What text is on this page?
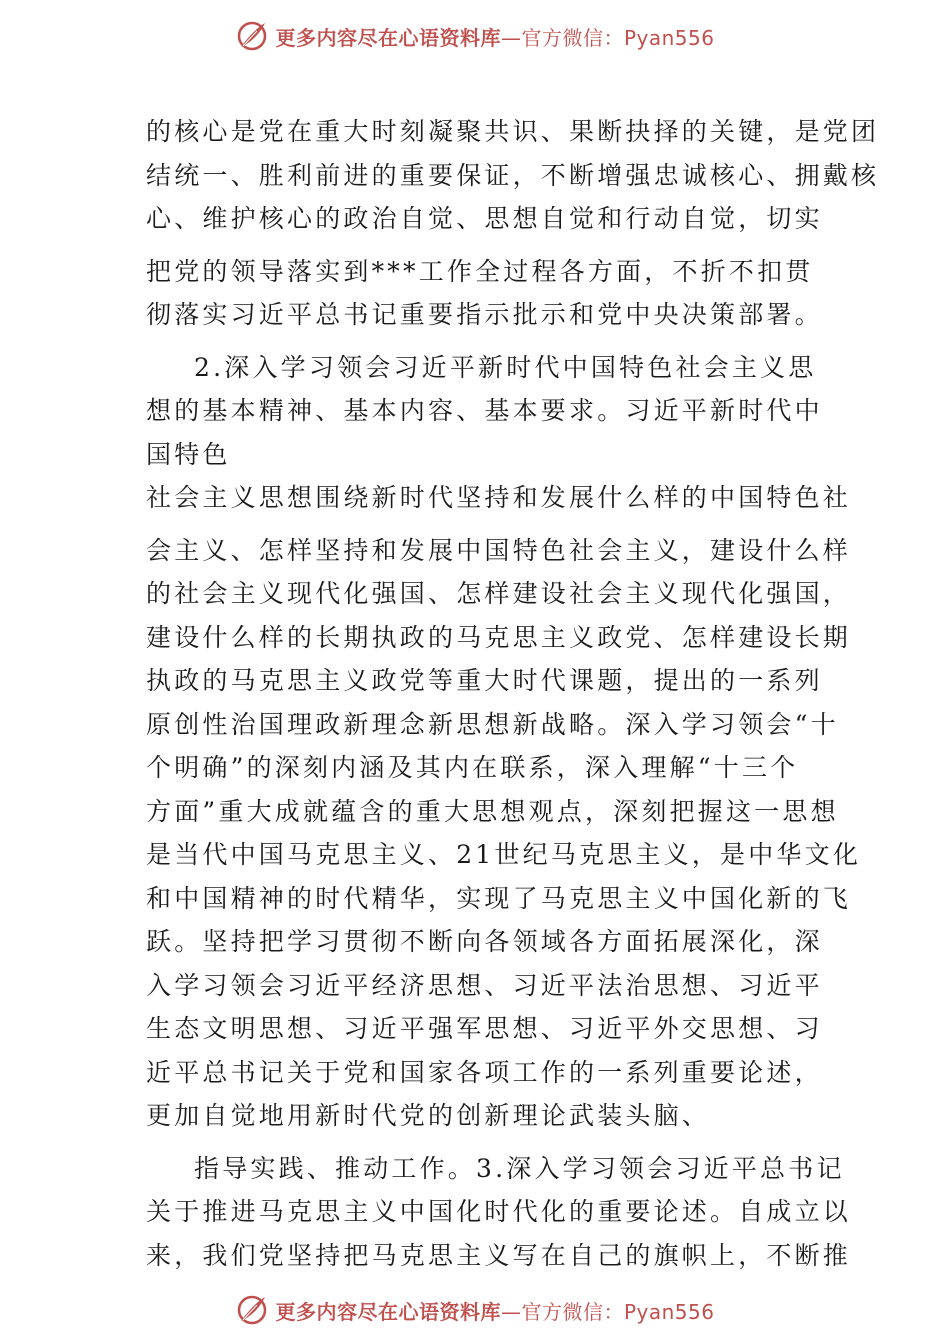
更多内容尽在心语资料库—官方微信：Pyan556

的核心是党在重大时刻凝聚共识、果断抉择的关键，是党团

结统一、胜利前进的重要保证，不断增强忠诚核心、拥戴核

心、维护核心的政治自觉、思想自觉和行动自觉，切实

把党的领导落实到***工作全过程各方面，不折不扣贯

彻落实习近平总书记重要指示批示和党中央决策部署。

2.深入学习领会习近平新时代中国特色社会主义思

想的基本精神、基本内容、基本要求。习近平新时代中

国特色

社会主义思想围绕新时代坚持和发展什么样的中国特色社

会主义、怎样坚持和发展中国特色社会主义，建设什么样

的社会主义现代化强国、怎样建设社会主义现代化强国，

建设什么样的长期执政的马克思主义政党、怎样建设长期

执政的马克思主义政党等重大时代课题，提出的一系列

原创性治国理政新理念新思想新战略。深入学习领会“十

个明确”的深刻内涵及其内在联系，深入理解“十三个

方面”重大成就蕴含的重大思想观点，深刻把握这一思想

是当代中国马克思主义、21世纪马克思主义，是中华文化

和中国精神的时代精华，实现了马克思主义中国化新的飞

跃。坚持把学习贯彻不断向各领域各方面拓展深化，深

入学习领会习近平经济思想、习近平法治思想、习近平

生态文明思想、习近平强军思想、习近平外交思想、习

近平总书记关于党和国家各项工作的一系列重要论述，

更加自觉地用新时代党的创新理论武装头脑、

指导实践、推动工作。3.深入学习领会习近平总书记

关于推进马克思主义中国化时代化的重要论述。自成立以

来，我们党坚持把马克思主义写在自己的旗帜上，不断推

更多内容尽在心语资料库—官方微信：Pyan556
